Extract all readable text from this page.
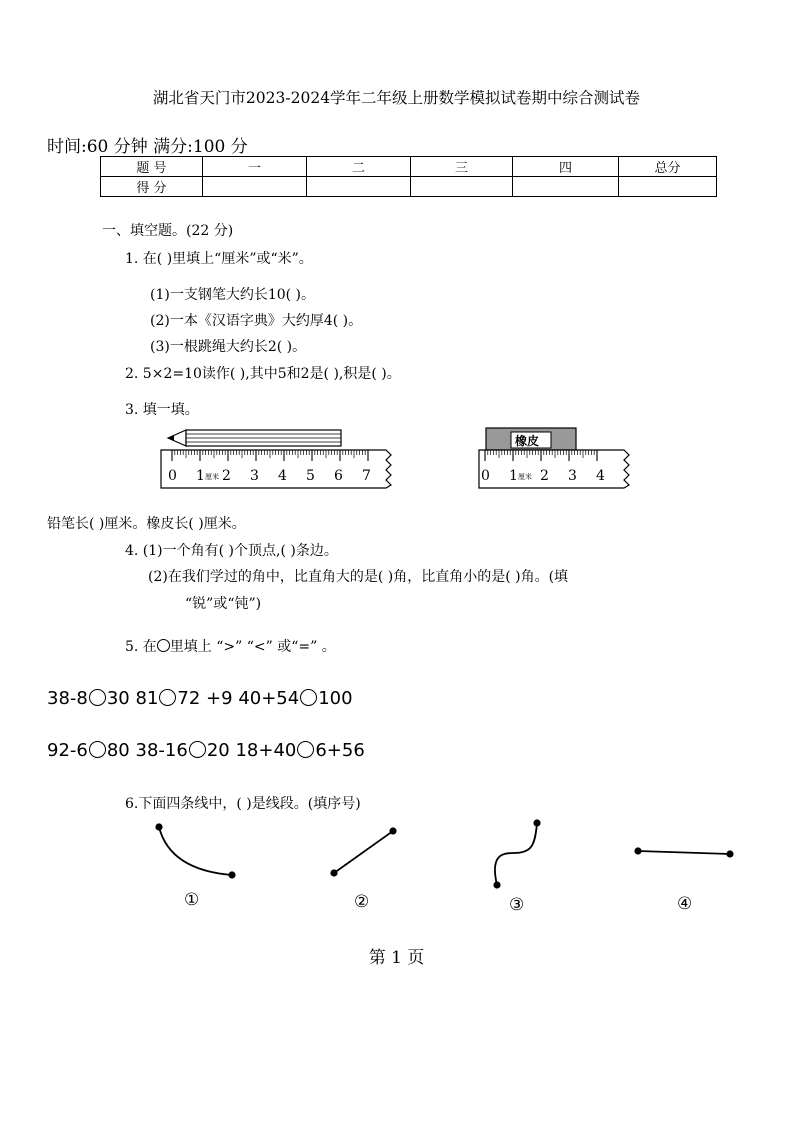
湖北省天门市2023-2024学年二年级上册数学模拟试卷期中综合测试卷
时间:60 分钟 满分:100 分
题 号	一	二	三	四	总分
得 分					
一、填空题。(22 分)
1. 在( )里填上“厘米”或“米”。
(1)一支钢笔大约长10( )。
(2)一本《汉语字典》大约厚4( )。
(3)一根跳绳大约长2( )。
2. 5×2=10读作( ),其中5和2是( ),积是( )。
3. 填一填。
0 1 厘米 2 3 4 5 6 7
橡皮
0 1 厘米 2 3 4
铅笔长( )厘米。橡皮长( )厘米。
4. (1)一个角有( )个顶点,( )条边。
(2)在我们学过的角中，比直角大的是( )角，比直角小的是( )角。(填
“锐”或“钝”)
5. 在 里填上 “>” “<” 或“=” 。
38-8 30 81 72 +9 40+54 100
92-6 80 38-16 20 18+40 6+56
6.下面四条线中，( )是线段。(填序号)
①	②	③	④
第 1 页
